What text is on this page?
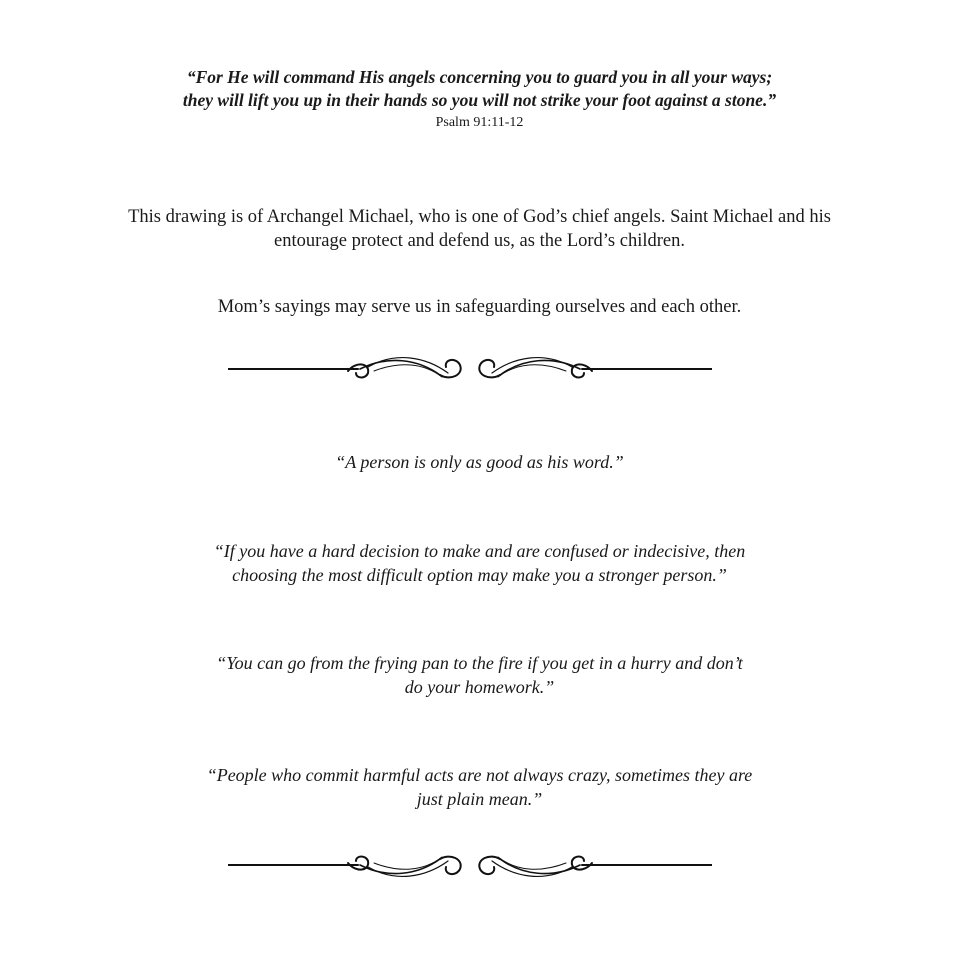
“For He will command His angels concerning you to guard you in all your ways;
they will lift you up in their hands so you will not strike your foot against a stone.”
Psalm 91:11-12
This drawing is of Archangel Michael, who is one of God’s chief angels. Saint Michael and his
entourage protect and defend us, as the Lord’s children.
Mom’s sayings may serve us in safeguarding ourselves and each other.
“A person is only as good as his word.”
“If you have a hard decision to make and are confused or indecisive, then
choosing the most difficult option may make you a stronger person.”
“You can go from the frying pan to the fire if you get in a hurry and don’t
do your homework.”
“People who commit harmful acts are not always crazy, sometimes they are
just plain mean.”
